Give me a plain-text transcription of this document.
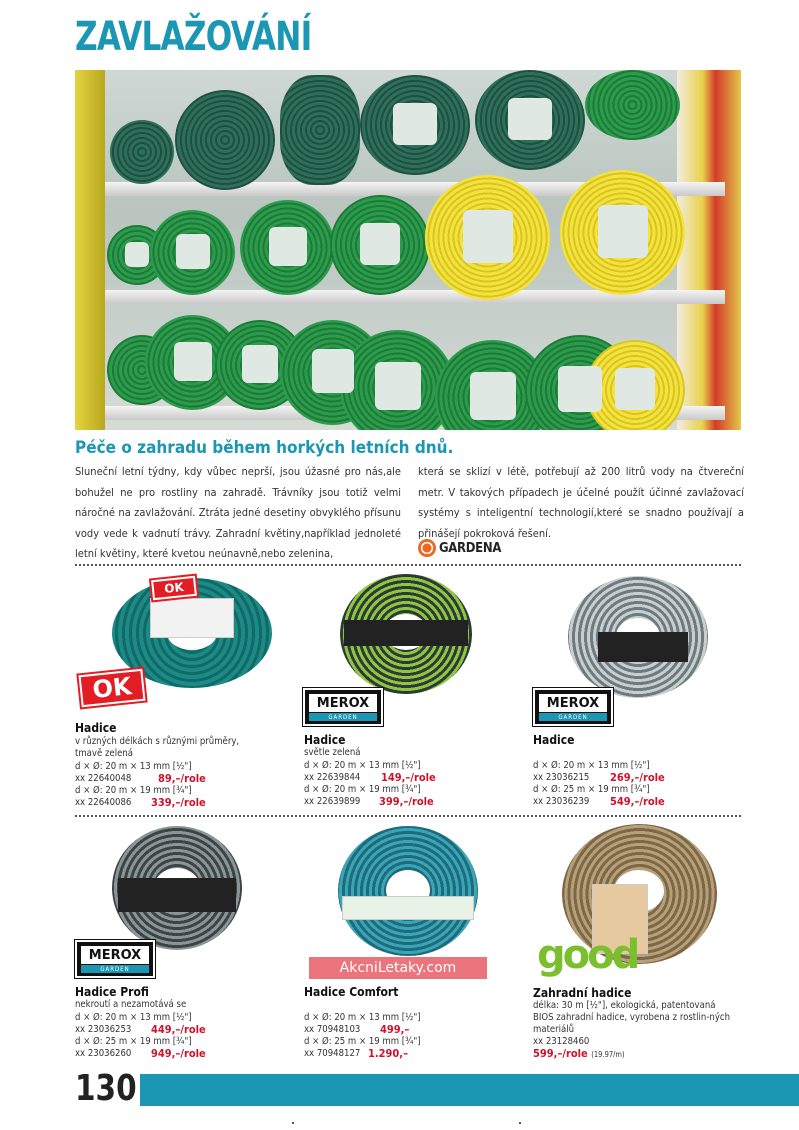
ZAVLAŽOVÁNÍ
Péče o zahradu během horkých letních dnů.

Sluneční letní týdny, kdy vůbec neprší, jsou úžasné pro nás,ale bohužel ne pro rostliny na zahradě. Trávníky jsou totiž velmi náročné na zavlažování. Ztráta jedné desetiny obvyklého přísunu vody vede k vadnutí trávy. Zahradní květiny,například jednoleté letní květiny, které kvetou neúnavně,nebo zelenina,

která se sklizí v létě, potřebují až 200 litrů vody na čtvereční metr. V takových případech je účelné použít účinné zavlažovací systémy s inteligentní technologií,které se snadno používají a přinášejí pokroková řešení.

GARDENA
OK
OK
Hadice
v různých délkách s různými průměry, tmavě zelená
d × Ø: 20 m × 13 mm [½"]
xx 22640048 89,–/role
d × Ø: 20 m × 19 mm [¾"]
xx 22640086 339,–/role
MEROX
GARDEN
Hadice
světle zelená
d × Ø: 20 m × 13 mm [½"]
xx 22639844 149,–/role
d × Ø: 20 m × 19 mm [¾"]
xx 22639899 399,–/role
MEROX
GARDEN
Hadice
d × Ø: 20 m × 13 mm [½"]
xx 23036215 269,–/role
d × Ø: 25 m × 19 mm [¾"]
xx 23036239 549,–/role
MEROX
GARDEN
Hadice Profi
nekroutí a nezamotává se
d × Ø: 20 m × 13 mm [½"]
xx 23036253 449,–/role
d × Ø: 25 m × 19 mm [¾"]
xx 23036260 949,–/role
Hadice Comfort
d × Ø: 20 m × 13 mm [½"]
xx 70948103 499,–
d × Ø: 25 m × 19 mm [¾"]
xx 70948127 1.290,–
good
Zahradní hadice
délka: 30 m [½"], ekologická, patentovaná BIOS zahradní hadice, vyrobena z rostlin-ných materiálů
xx 23128460
599,–/role (19.97/m)
AkcniLetaky.com
130
